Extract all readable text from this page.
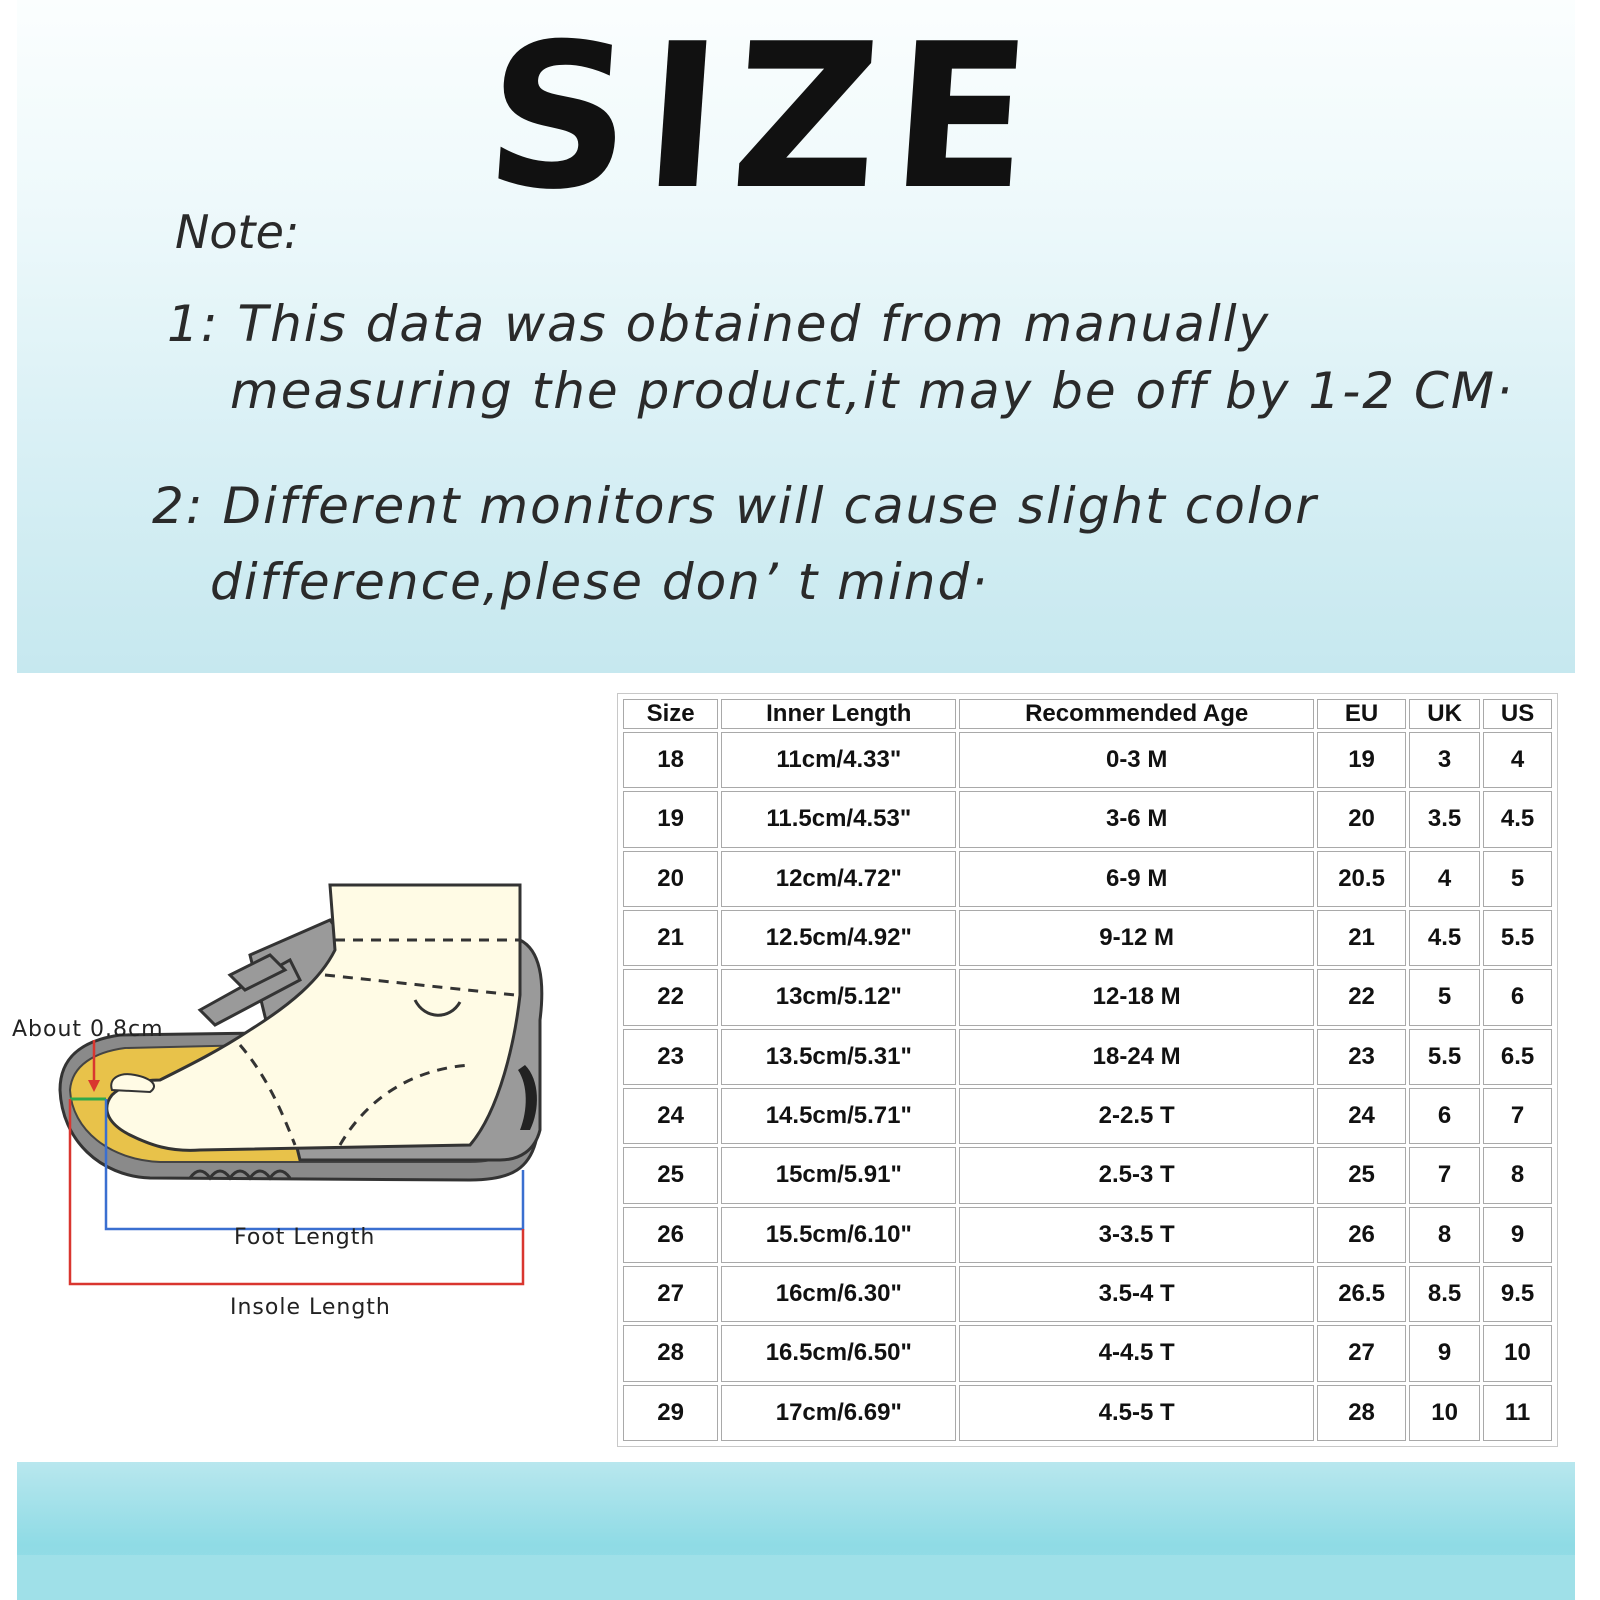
SIZE
Note:
1: This data was obtained from manually
measuring the product,it may be off by 1-2 CM·
2: Different monitors will cause slight color
difference,plese don’ t mind·
About 0.8cm
Foot Length
Insole Length
Size	Inner Length	Recommended Age	EU	UK	US
18	11cm/4.33"	0-3 M	19	3	4
19	11.5cm/4.53"	3-6 M	20	3.5	4.5
20	12cm/4.72"	6-9 M	20.5	4	5
21	12.5cm/4.92"	9-12 M	21	4.5	5.5
22	13cm/5.12"	12-18 M	22	5	6
23	13.5cm/5.31"	18-24 M	23	5.5	6.5
24	14.5cm/5.71"	2-2.5 T	24	6	7
25	15cm/5.91"	2.5-3 T	25	7	8
26	15.5cm/6.10"	3-3.5 T	26	8	9
27	16cm/6.30"	3.5-4 T	26.5	8.5	9.5
28	16.5cm/6.50"	4-4.5 T	27	9	10
29	17cm/6.69"	4.5-5 T	28	10	11
